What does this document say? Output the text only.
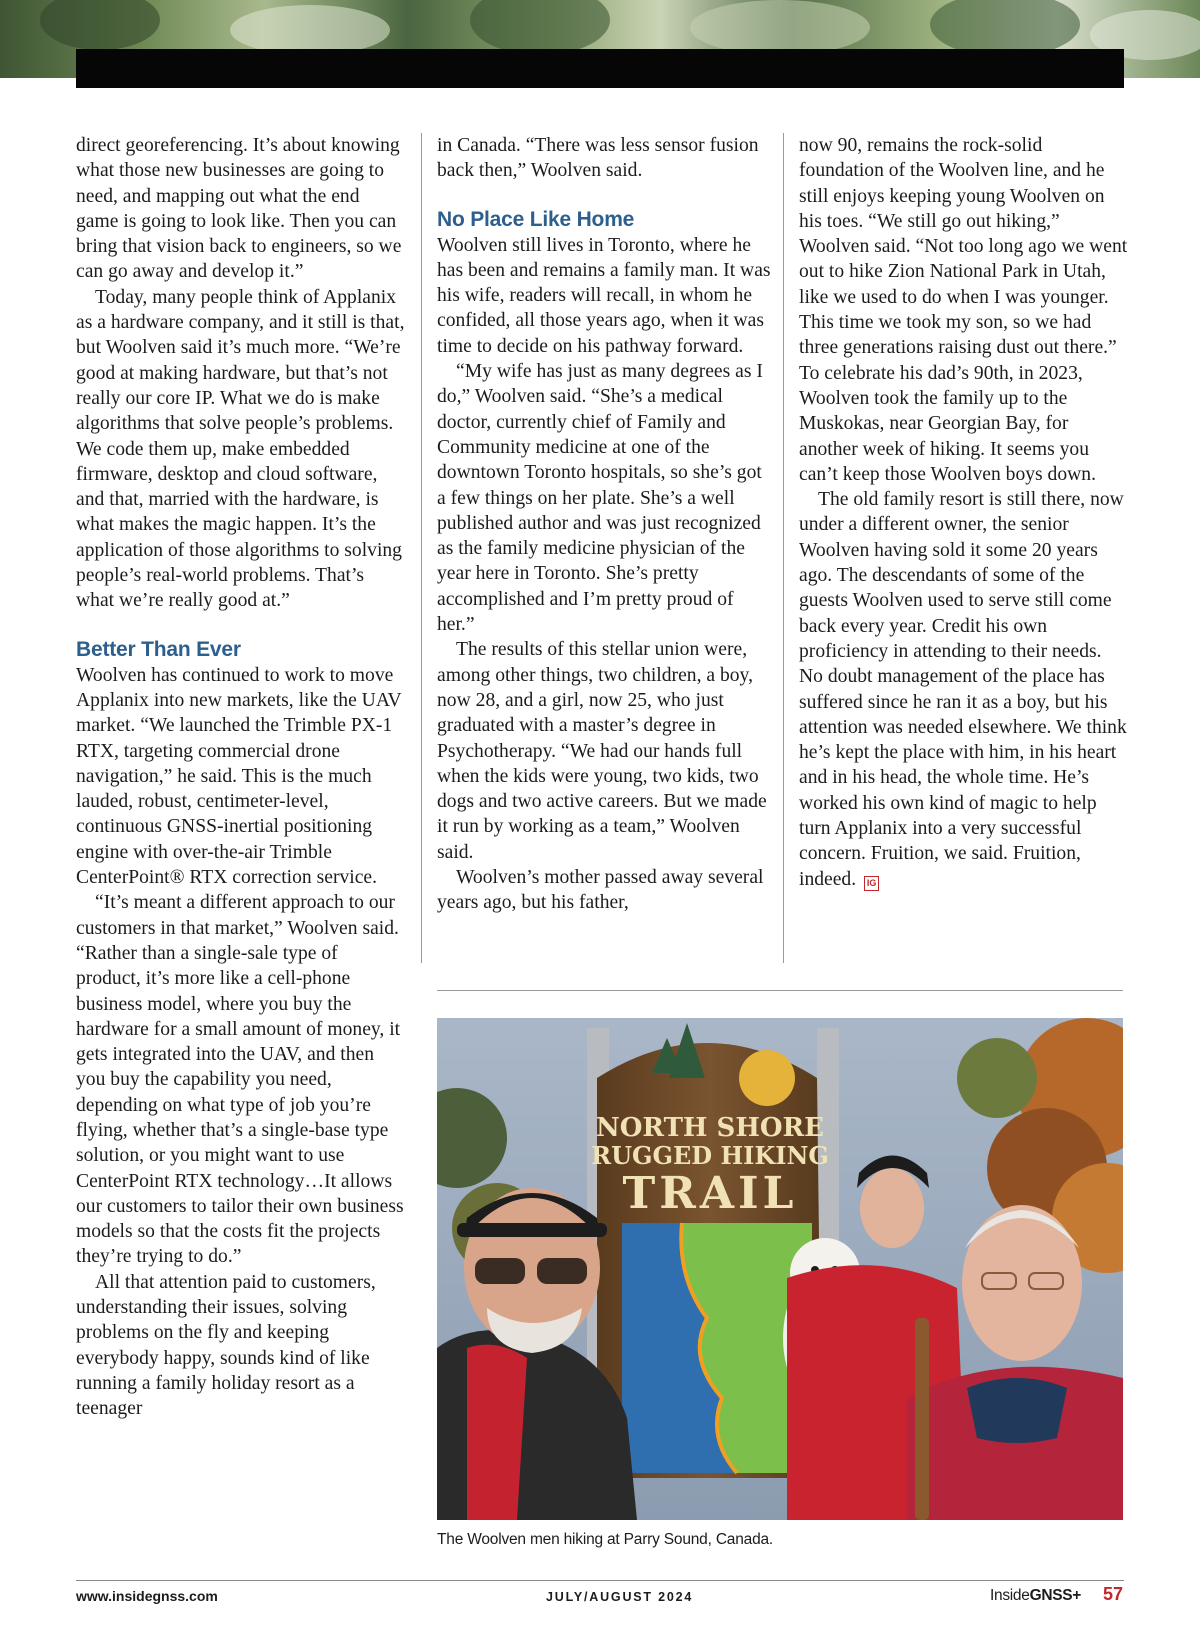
direct georeferencing. It’s about knowing what those new businesses are going to need, and mapping out what the end game is going to look like. Then you can bring that vision back to engineers, so we can go away and develop it.”

Today, many people think of Applanix as a hardware company, and it still is that, but Woolven said it’s much more. “We’re good at making hardware, but that’s not really our core IP. What we do is make algorithms that solve people’s problems. We code them up, make embedded firmware, desktop and cloud software, and that, married with the hardware, is what makes the magic happen. It’s the application of those algorithms to solving people’s real-world problems. That’s what we’re really good at.”

Better Than Ever

Woolven has continued to work to move Applanix into new markets, like the UAV market. “We launched the Trimble PX-1 RTX, targeting commercial drone navigation,” he said. This is the much lauded, robust, centimeter-level, continuous GNSS-inertial positioning engine with over-the-air Trimble CenterPoint® RTX correction service.

“It’s meant a different approach to our customers in that market,” Woolven said. “Rather than a single-sale type of product, it’s more like a cell-phone business model, where you buy the hardware for a small amount of money, it gets integrated into the UAV, and then you buy the capability you need, depending on what type of job you’re flying, whether that’s a single-base type solution, or you might want to use CenterPoint RTX technology…It allows our customers to tailor their own business models so that the costs fit the projects they’re trying to do.”

All that attention paid to customers, understanding their issues, solving problems on the fly and keeping everybody happy, sounds kind of like running a family holiday resort as a teenager

in Canada. “There was less sensor fusion back then,” Woolven said.

No Place Like Home

Woolven still lives in Toronto, where he has been and remains a family man. It was his wife, readers will recall, in whom he confided, all those years ago, when it was time to decide on his pathway forward.

“My wife has just as many degrees as I do,” Woolven said. “She’s a medical doctor, currently chief of Family and Community medicine at one of the downtown Toronto hospitals, so she’s got a few things on her plate. She’s a well published author and was just recognized as the family medicine physician of the year here in Toronto. She’s pretty accomplished and I’m pretty proud of her.”

The results of this stellar union were, among other things, two children, a boy, now 28, and a girl, now 25, who just graduated with a master’s degree in Psychotherapy. “We had our hands full when the kids were young, two kids, two dogs and two active careers. But we made it run by working as a team,” Woolven said.

Woolven’s mother passed away several years ago, but his father,

now 90, remains the rock-solid foundation of the Woolven line, and he still enjoys keeping young Woolven on his toes. “We still go out hiking,” Woolven said. “Not too long ago we went out to hike Zion National Park in Utah, like we used to do when I was younger. This time we took my son, so we had three generations raising dust out there.” To celebrate his dad’s 90th, in 2023, Woolven took the family up to the Muskokas, near Georgian Bay, for another week of hiking. It seems you can’t keep those Woolven boys down.

The old family resort is still there, now under a different owner, the senior Woolven having sold it some 20 years ago. The descendants of some of the guests Woolven used to serve still come back every year. Credit his own proficiency in attending to their needs. No doubt management of the place has suffered since he ran it as a boy, but his attention was needed elsewhere. We think he’s kept the place with him, in his heart and in his head, the whole time. He’s worked his own kind of magic to help turn Applanix into a very successful concern. Fruition, we said. Fruition, indeed. IG

NORTH SHORE
RUGGED HIKING
TRAIL
The Woolven men hiking at Parry Sound, Canada.
www.insidegnss.com	JULY/AUGUST 2024	InsideGNSS+ 57
